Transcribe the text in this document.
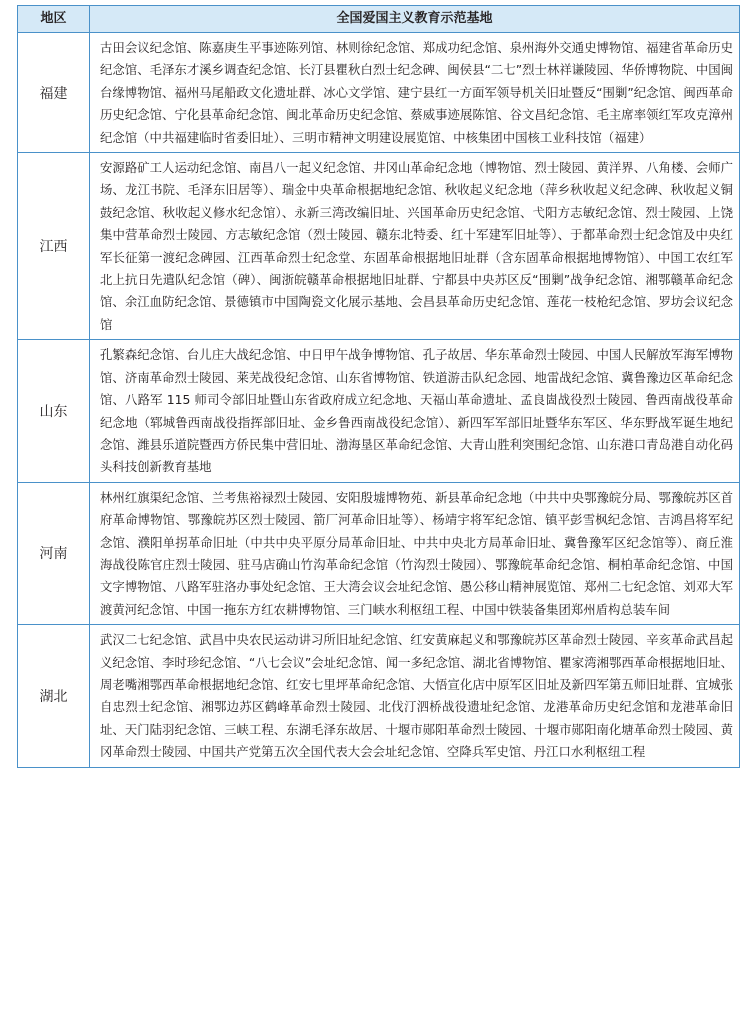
地区	全国爱国主义教育示范基地
福建	古田会议纪念馆、陈嘉庚生平事迹陈列馆、林则徐纪念馆、郑成功纪念馆、泉州海外交通史博物馆、福建省革命历史纪念馆、毛泽东才溪乡调查纪念馆、长汀县瞿秋白烈士纪念碑、闽侯县“二七”烈士林祥谦陵园、华侨博物院、中国闽台缘博物馆、福州马尾船政文化遗址群、冰心文学馆、建宁县红一方面军领导机关旧址暨反“围剿”纪念馆、闽西革命历史纪念馆、宁化县革命纪念馆、闽北革命历史纪念馆、蔡威事迹展陈馆、谷文昌纪念馆、毛主席率领红军攻克漳州纪念馆（中共福建临时省委旧址）、三明市精神文明建设展览馆、中核集团中国核工业科技馆（福建）
江西	安源路矿工人运动纪念馆、南昌八一起义纪念馆、井冈山革命纪念地（博物馆、烈士陵园、黄洋界、八角楼、会师广场、龙江书院、毛泽东旧居等）、瑞金中央革命根据地纪念馆、秋收起义纪念地（萍乡秋收起义纪念碑、秋收起义铜鼓纪念馆、秋收起义修水纪念馆）、永新三湾改编旧址、兴国革命历史纪念馆、弋阳方志敏纪念馆、烈士陵园、上饶集中营革命烈士陵园、方志敏纪念馆（烈士陵园、赣东北特委、红十军建军旧址等）、于都革命烈士纪念馆及中央红军长征第一渡纪念碑园、江西革命烈士纪念堂、东固革命根据地旧址群（含东固革命根据地博物馆）、中国工农红军北上抗日先遣队纪念馆（碑）、闽浙皖赣革命根据地旧址群、宁都县中央苏区反“围剿”战争纪念馆、湘鄂赣革命纪念馆、余江血防纪念馆、景德镇市中国陶瓷文化展示基地、会昌县革命历史纪念馆、莲花一枝枪纪念馆、罗坊会议纪念馆
山东	孔繁森纪念馆、台儿庄大战纪念馆、中日甲午战争博物馆、孔子故居、华东革命烈士陵园、中国人民解放军海军博物馆、济南革命烈士陵园、莱芜战役纪念馆、山东省博物馆、铁道游击队纪念园、地雷战纪念馆、冀鲁豫边区革命纪念馆、八路军 115 师司令部旧址暨山东省政府成立纪念地、天福山革命遗址、孟良崮战役烈士陵园、鲁西南战役革命纪念地（郓城鲁西南战役指挥部旧址、金乡鲁西南战役纪念馆）、新四军军部旧址暨华东军区、华东野战军诞生地纪念馆、潍县乐道院暨西方侨民集中营旧址、渤海垦区革命纪念馆、大青山胜利突围纪念馆、山东港口青岛港自动化码头科技创新教育基地
河南	林州红旗渠纪念馆、兰考焦裕禄烈士陵园、安阳殷墟博物苑、新县革命纪念地（中共中央鄂豫皖分局、鄂豫皖苏区首府革命博物馆、鄂豫皖苏区烈士陵园、箭厂河革命旧址等）、杨靖宇将军纪念馆、镇平彭雪枫纪念馆、吉鸿昌将军纪念馆、濮阳单拐革命旧址（中共中央平原分局革命旧址、中共中央北方局革命旧址、冀鲁豫军区纪念馆等）、商丘淮海战役陈官庄烈士陵园、驻马店确山竹沟革命纪念馆（竹沟烈士陵园）、鄂豫皖革命纪念馆、桐柏革命纪念馆、中国文字博物馆、八路军驻洛办事处纪念馆、王大湾会议会址纪念馆、愚公移山精神展览馆、郑州二七纪念馆、刘邓大军渡黄河纪念馆、中国一拖东方红农耕博物馆、三门峡水利枢纽工程、中国中铁装备集团郑州盾构总装车间
湖北	武汉二七纪念馆、武昌中央农民运动讲习所旧址纪念馆、红安黄麻起义和鄂豫皖苏区革命烈士陵园、辛亥革命武昌起义纪念馆、李时珍纪念馆、“八七会议”会址纪念馆、闻一多纪念馆、湖北省博物馆、瞿家湾湘鄂西革命根据地旧址、周老嘴湘鄂西革命根据地纪念馆、红安七里坪革命纪念馆、大悟宣化店中原军区旧址及新四军第五师旧址群、宜城张自忠烈士纪念馆、湘鄂边苏区鹤峰革命烈士陵园、北伐汀泗桥战役遗址纪念馆、龙港革命历史纪念馆和龙港革命旧址、天门陆羽纪念馆、三峡工程、东湖毛泽东故居、十堰市郧阳革命烈士陵园、十堰市郧阳南化塘革命烈士陵园、黄冈革命烈士陵园、中国共产党第五次全国代表大会会址纪念馆、空降兵军史馆、丹江口水利枢纽工程
